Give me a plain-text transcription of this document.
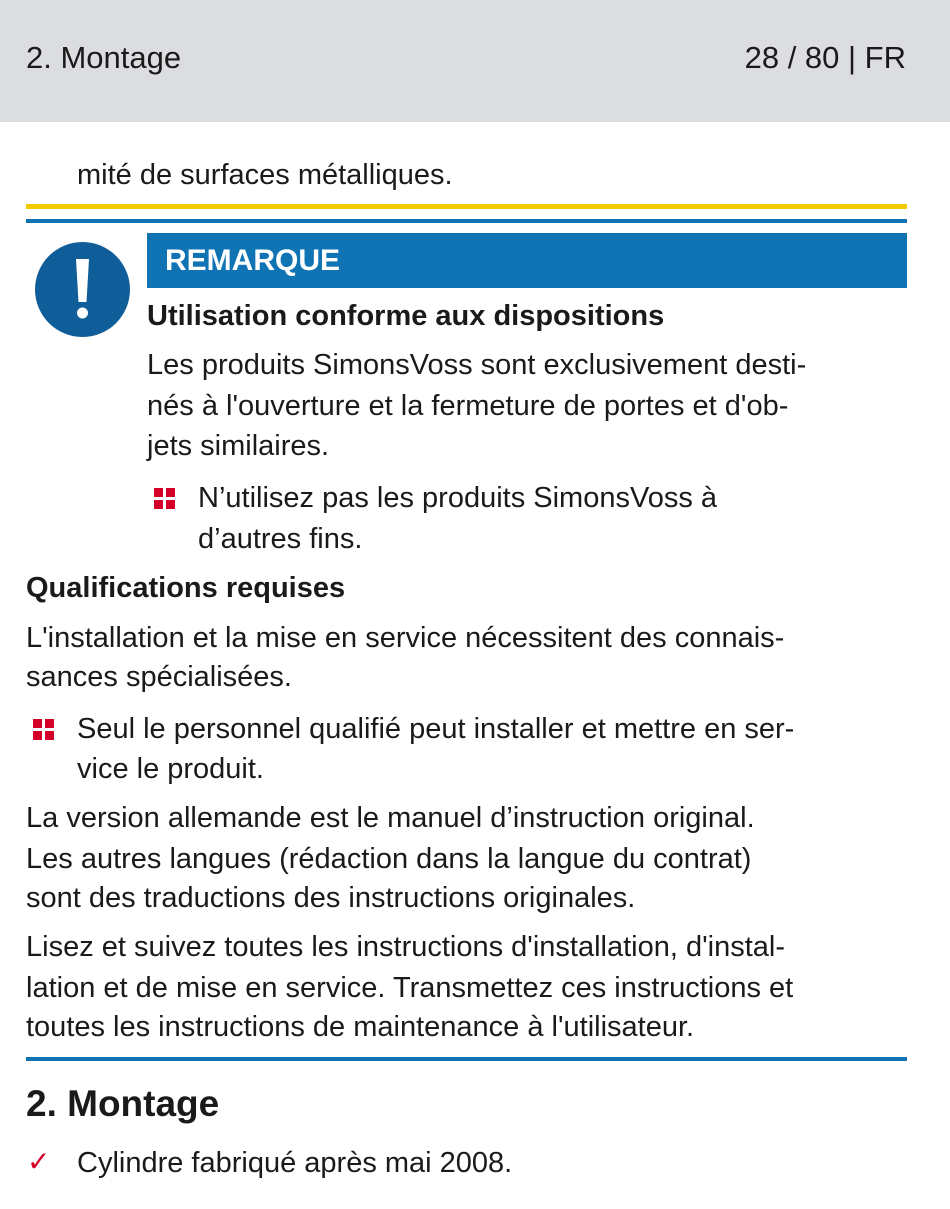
2. Montage	28 / 80 | FR
mité de surfaces métalliques.
REMARQUE
Utilisation conforme aux dispositions
Les produits SimonsVoss sont exclusivement desti-
nés à l'ouverture et la fermeture de portes et d'ob-
jets similaires.
N’utilisez pas les produits SimonsVoss à
d’autres fins.
Qualifications requises
L'installation et la mise en service nécessitent des connais-
sances spécialisées.
Seul le personnel qualifié peut installer et mettre en ser-
vice le produit.
La version allemande est le manuel d’instruction original.
Les autres langues (rédaction dans la langue du contrat)
sont des traductions des instructions originales.
Lisez et suivez toutes les instructions d'installation, d'instal-
lation et de mise en service. Transmettez ces instructions et
toutes les instructions de maintenance à l'utilisateur.
2. Montage
✓ Cylindre fabriqué après mai 2008.
